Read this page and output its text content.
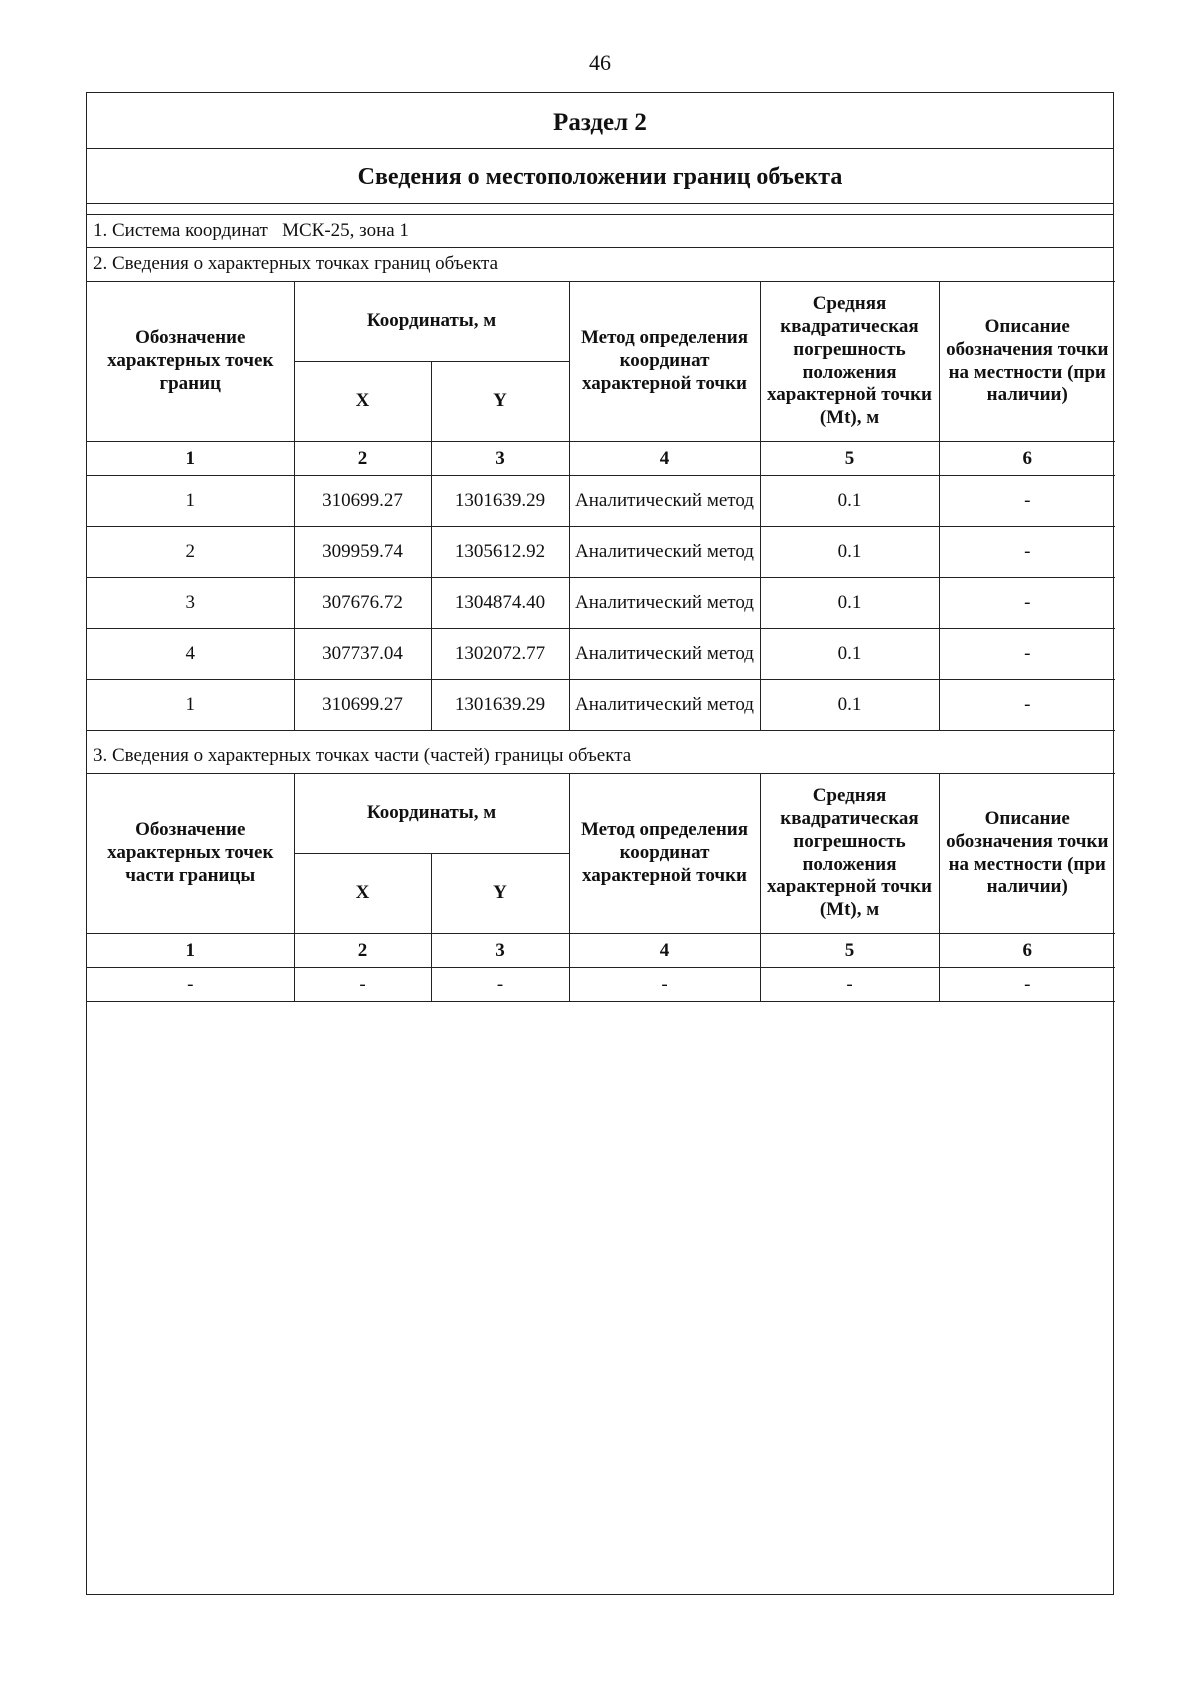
46
Раздел 2
Сведения о местоположении границ объекта
1. Система координат МСК-25, зона 1
2. Сведения о характерных точках границ объекта
Обозначение характерных точек границ	Координаты, м		Метод определения координат характерной точки	Средняя квадратическая погрешность положения характерной точки (Mt), м	Описание обозначения точки на местности (при наличии)
	X	Y			
1	2	3	4	5	6
1	310699.27	1301639.29	Аналитический метод	0.1	-
2	309959.74	1305612.92	Аналитический метод	0.1	-
3	307676.72	1304874.40	Аналитический метод	0.1	-
4	307737.04	1302072.77	Аналитический метод	0.1	-
1	310699.27	1301639.29	Аналитический метод	0.1	-
3. Сведения о характерных точках части (частей) границы объекта
Обозначение характерных точек части границы	Координаты, м		Метод определения координат характерной точки	Средняя квадратическая погрешность положения характерной точки (Mt), м	Описание обозначения точки на местности (при наличии)
	X	Y			
1	2	3	4	5	6
-	-	-	-	-	-
